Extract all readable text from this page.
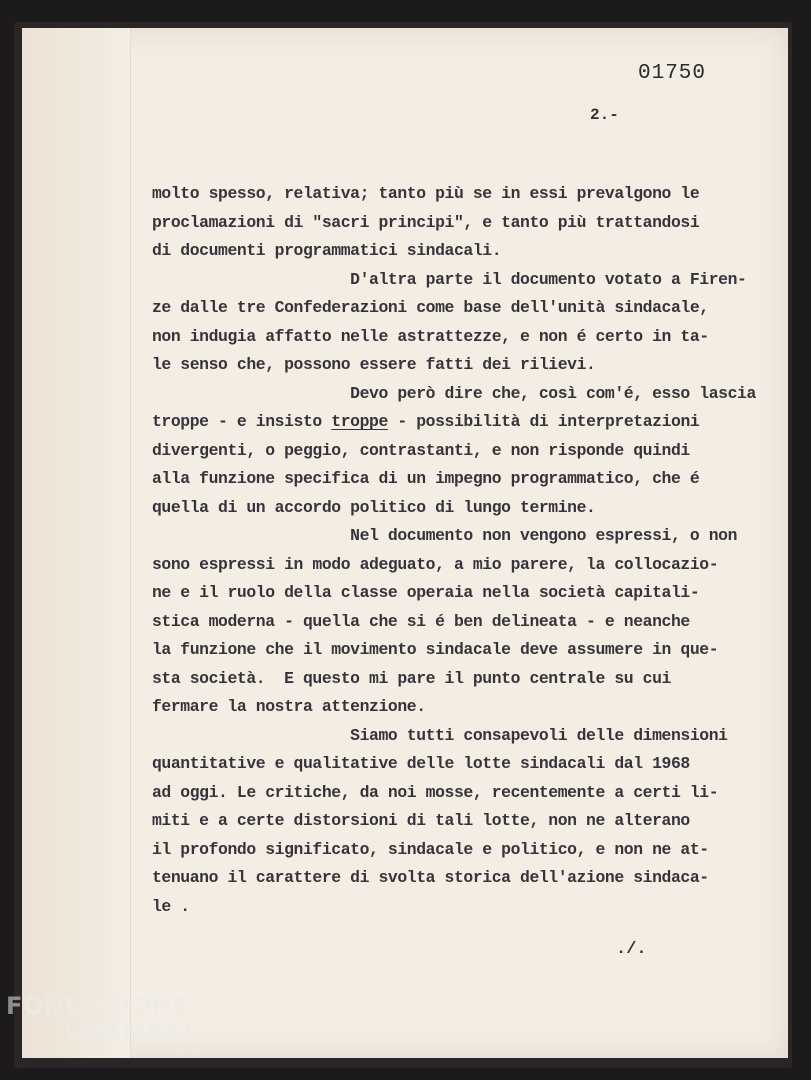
01750
2.-
molto spesso, relativa; tanto più se in essi prevalgono le
proclamazioni di "sacri principi", e tanto più trattandosi
di documenti programmatici sindacali.
D'altra parte il documento votato a Firen-
ze dalle tre Confederazioni come base dell'unità sindacale,
non indugia affatto nelle astrattezze, e non é certo in ta-
le senso che, possono essere fatti dei rilievi.
Devo però dire che, così com'é, esso lascia
troppe - e insisto troppe - possibilità di interpretazioni
divergenti, o peggio, contrastanti, e non risponde quindi
alla funzione specifica di un impegno programmatico, che é
quella di un accordo politico di lungo termine.
Nel documento non vengono espressi, o non
sono espressi in modo adeguato, a mio parere, la collocazio-
ne e il ruolo della classe operaia nella società capitali-
stica moderna - quella che si é ben delineata - e neanche
la funzione che il movimento sindacale deve assumere in que-
sta società.  E questo mi pare il punto centrale su cui
fermare la nostra attenzione.
Siamo tutti consapevoli delle dimensioni
quantitative e qualitative delle lotte sindacali dal 1968
ad oggi. Le critiche, da noi mosse, recentemente a certi li-
miti e a certe distorsioni di tali lotte, non ne alterano
il profondo significato, sindacale e politico, e non ne at-
tenuano il carattere di svolta storica dell'azione sindaca-
le .
./.
FONDAZIONE
GRAMSCI
onlus
